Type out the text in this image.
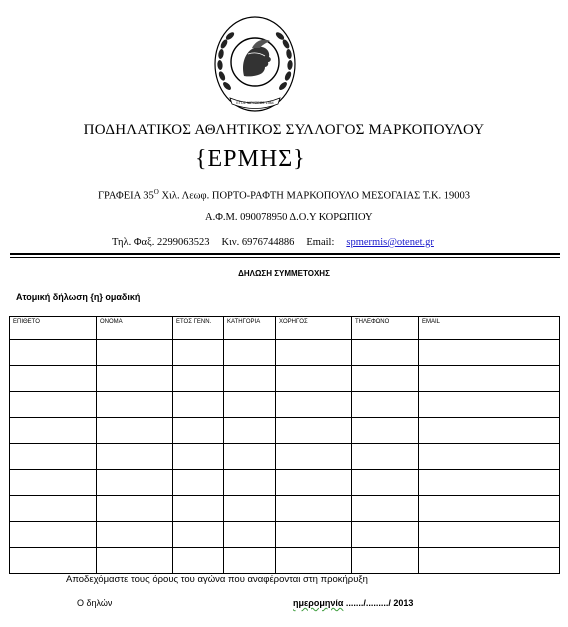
ΕΤΟΣ ΙΔΡΥΣΕΩΣ 1984
ΠΟΔΗΛΑΤΙΚΟΣ ΑΘΛΗΤΙΚΟΣ ΣΥΛΛΟΓΟΣ ΜΑΡΚΟΠΟΥΛΟΥ
{ΕΡΜΗΣ}
ΓΡΑΦΕΙΑ $35^O$ Χιλ. Λεωφ. ΠΟΡΤΟ-ΡΑΦΤΗ ΜΑΡΚΟΠΟΥΛΟ ΜΕΣΟΓΑΙΑΣ Τ.Κ. 19003
Α.Φ.Μ. 090078950 Δ.Ο.Υ ΚΟΡΩΠΙΟΥ
Τηλ. Φαξ. 2299063523 Κιν. 6976744886 Email: spmermis@otenet.gr
ΔΗΛΩΣΗ ΣΥΜΜΕΤΟΧΗΣ
Ατομική δήλωση {η} ομαδική
ΕΠΙΘΕΤΟ	ΟΝΟΜΑ	ΕΤΟΣ ΓΕΝΝ.	ΚΑΤΗΓΟΡΙΑ	ΧΟΡΗΓΟΣ	ΤΗΛΕΦΩΝΟ	EMAIL

Αποδεχόμαστε τους όρους του αγώνα που αναφέρονται στη προκήρυξη
Ο δηλών	ημερομηνία ......./........./ 2013
